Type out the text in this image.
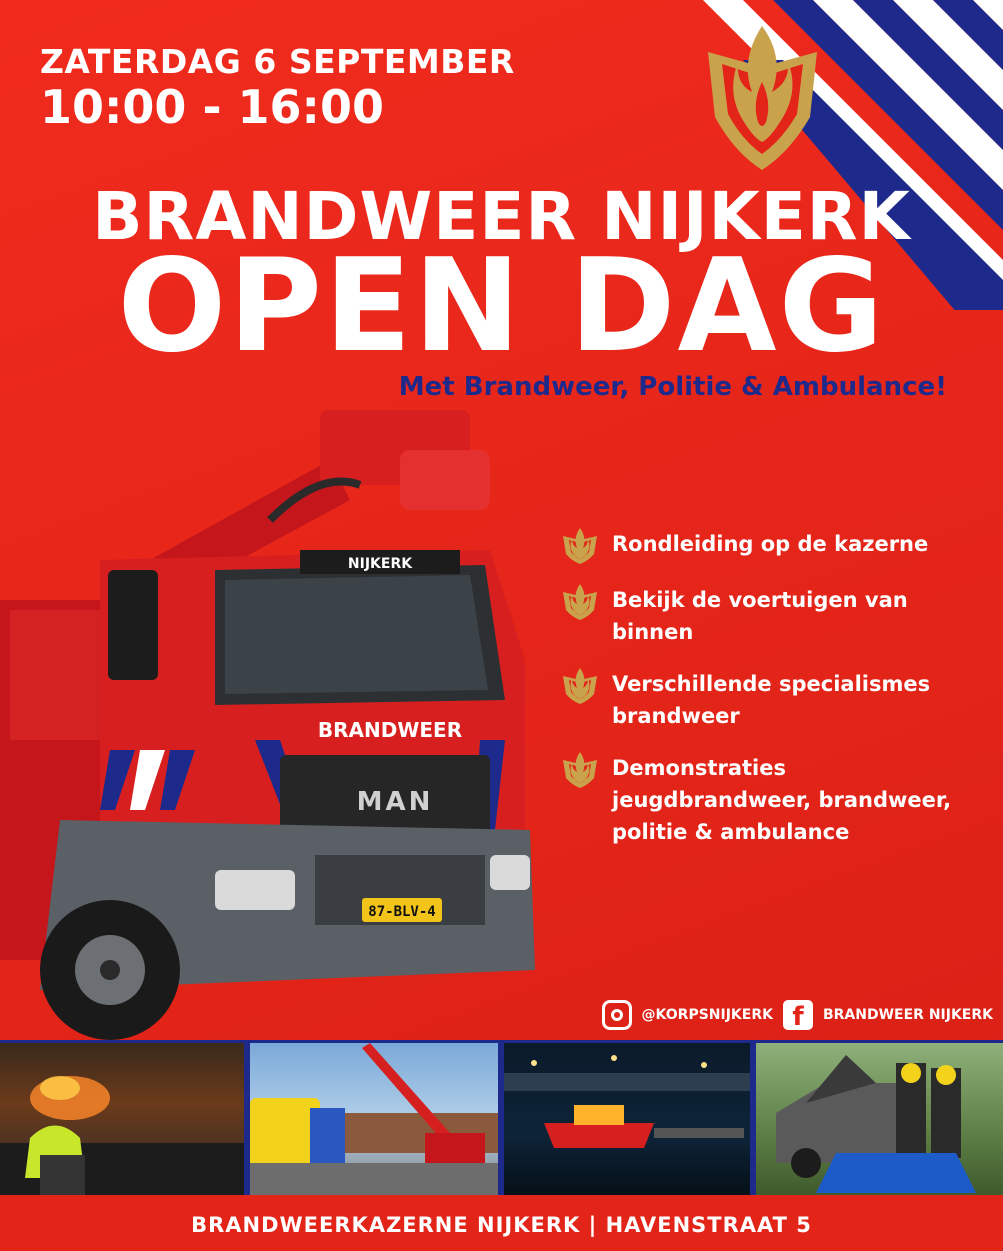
ZATERDAG 6 SEPTEMBER
10:00 - 16:00
BRANDWEER NIJKERK
OPEN DAG
Met Brandweer, Politie & Ambulance!
NIJKERK
BRANDWEER
MAN
87-BLV-4
Rondleiding op de kazerne
Bekijk de voertuigen van binnen
Verschillende specialismes brandweer
Demonstraties jeugdbrandweer, brandweer, politie & ambulance
@KORPSNIJKERK f	BRANDWEER NIJKERK
BRANDWEERKAZERNE NIJKERK | HAVENSTRAAT 5
